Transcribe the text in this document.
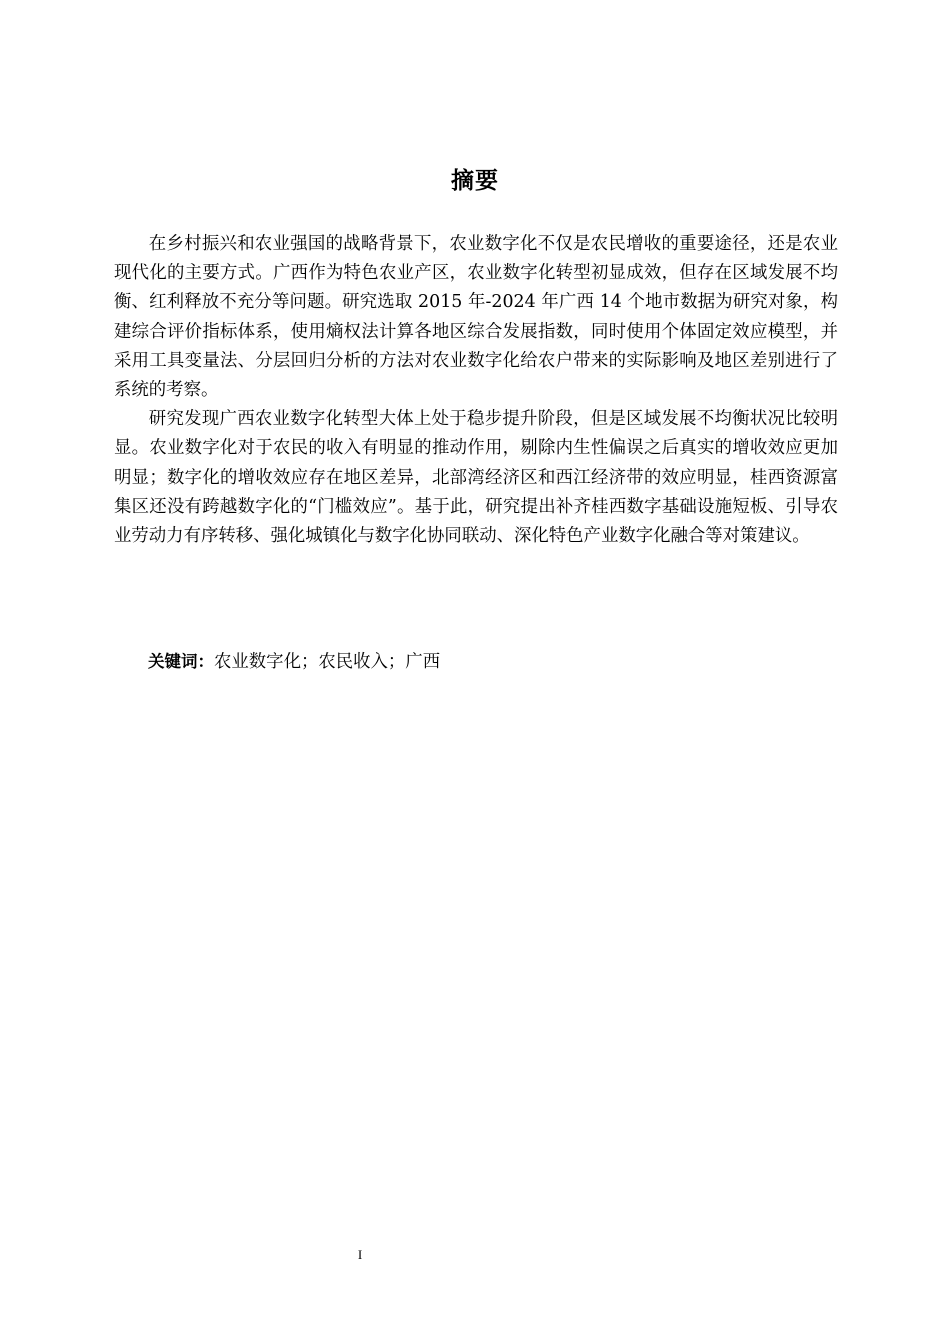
摘要

在乡村振兴和农业强国的战略背景下，农业数字化不仅是农民增收的重要途径，还是农业现代化的主要方式。广西作为特色农业产区，农业数字化转型初显成效，但存在区域发展不均衡、红利释放不充分等问题。研究选取 2015 年-2024 年广西 14 个地市数据为研究对象，构建综合评价指标体系，使用熵权法计算各地区综合发展指数，同时使用个体固定效应模型，并采用工具变量法、分层回归分析的方法对农业数字化给农户带来的实际影响及地区差别进行了系统的考察。

研究发现广西农业数字化转型大体上处于稳步提升阶段，但是区域发展不均衡状况比较明显。农业数字化对于农民的收入有明显的推动作用，剔除内生性偏误之后真实的增收效应更加明显；数字化的增收效应存在地区差异，北部湾经济区和西江经济带的效应明显，桂西资源富集区还没有跨越数字化的“门槛效应”。基于此，研究提出补齐桂西数字基础设施短板、引导农业劳动力有序转移、强化城镇化与数字化协同联动、深化特色产业数字化融合等对策建议。

关键词：农业数字化；农民收入；广西
I
